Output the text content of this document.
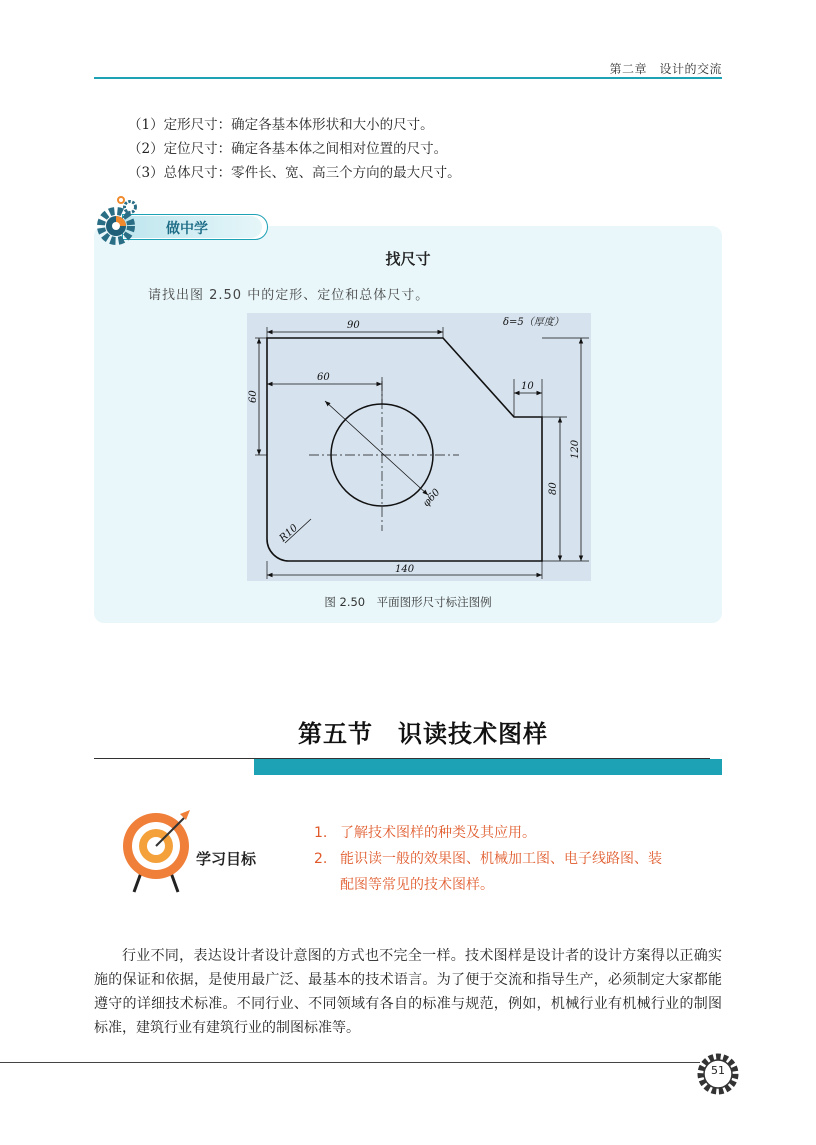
第二章　设计的交流
（1）定形尺寸：确定各基本体形状和大小的尺寸。
（2）定位尺寸：确定各基本体之间相对位置的尺寸。
（3）总体尺寸：零件长、宽、高三个方向的最大尺寸。
做中学
找尺寸
请找出图 2.50 中的定形、定位和总体尺寸。
90	δ=5（厚度）
60
60
10
120
80
φ60
R10
140
图 2.50　平面图形尺寸标注图例
第五节　识读技术图样
学习目标
1. 了解技术图样的种类及其应用。
2. 能识读一般的效果图、机械加工图、电子线路图、装
配图等常见的技术图样。
行业不同，表达设计者设计意图的方式也不完全一样。技术图样是设计者的设计方案得以正确实施的保证和依据，是使用最广泛、最基本的技术语言。为了便于交流和指导生产，必须制定大家都能遵守的详细技术标准。不同行业、不同领域有各自的标准与规范，例如，机械行业有机械行业的制图标准，建筑行业有建筑行业的制图标准等。
51
